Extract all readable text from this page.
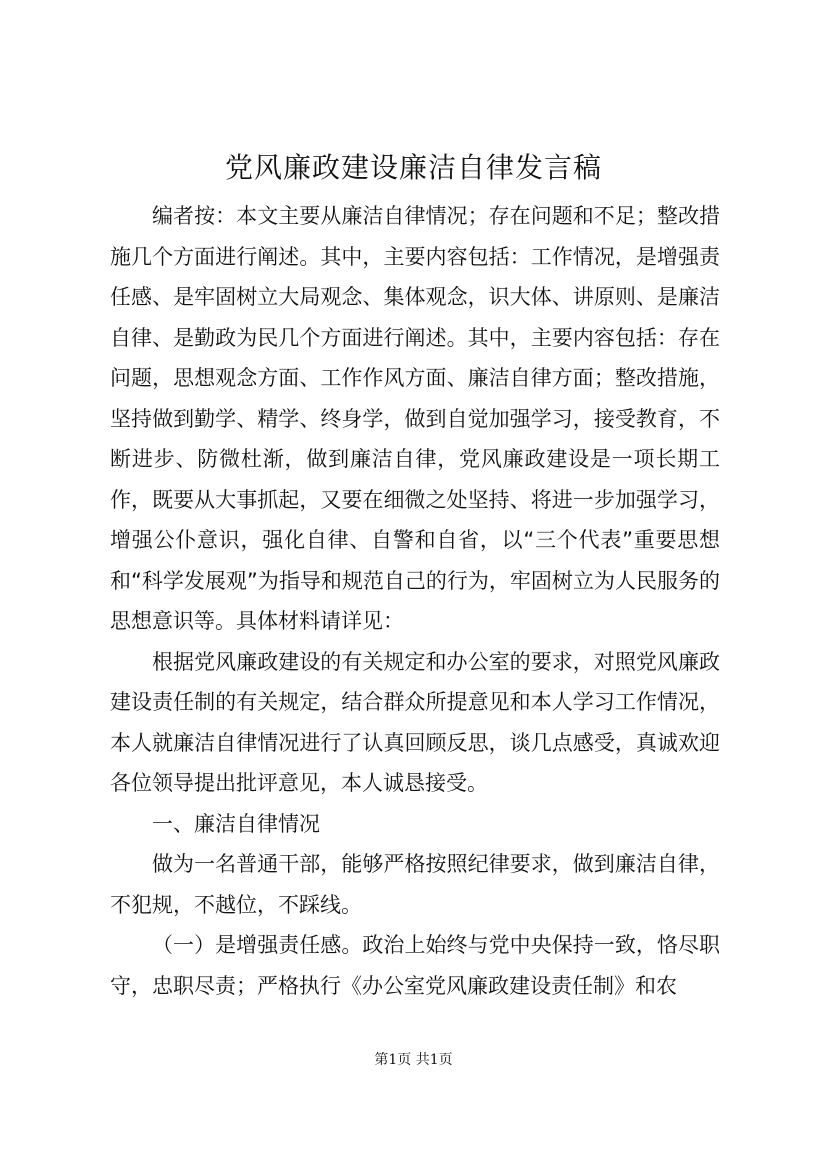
党风廉政建设廉洁自律发言稿

编者按：本文主要从廉洁自律情况；存在问题和不足；整改措施几个方面进行阐述。其中，主要内容包括：工作情况，是增强责任感、是牢固树立大局观念、集体观念，识大体、讲原则、是廉洁自律、是勤政为民几个方面进行阐述。其中，主要内容包括：存在问题，思想观念方面、工作作风方面、廉洁自律方面；整改措施，坚持做到勤学、精学、终身学，做到自觉加强学习，接受教育，不断进步、防微杜渐，做到廉洁自律，党风廉政建设是一项长期工作，既要从大事抓起，又要在细微之处坚持、将进一步加强学习，增强公仆意识，强化自律、自警和自省，以“三个代表”重要思想和“科学发展观”为指导和规范自己的行为，牢固树立为人民服务的思想意识等。具体材料请详见：

根据党风廉政建设的有关规定和办公室的要求，对照党风廉政建设责任制的有关规定，结合群众所提意见和本人学习工作情况，本人就廉洁自律情况进行了认真回顾反思，谈几点感受，真诚欢迎各位领导提出批评意见，本人诚恳接受。

一、廉洁自律情况

做为一名普通干部，能够严格按照纪律要求，做到廉洁自律，不犯规，不越位，不踩线。

（一）是增强责任感。政治上始终与党中央保持一致，恪尽职守，忠职尽责；严格执行《办公室党风廉政建设责任制》和农

第1页 共1页
